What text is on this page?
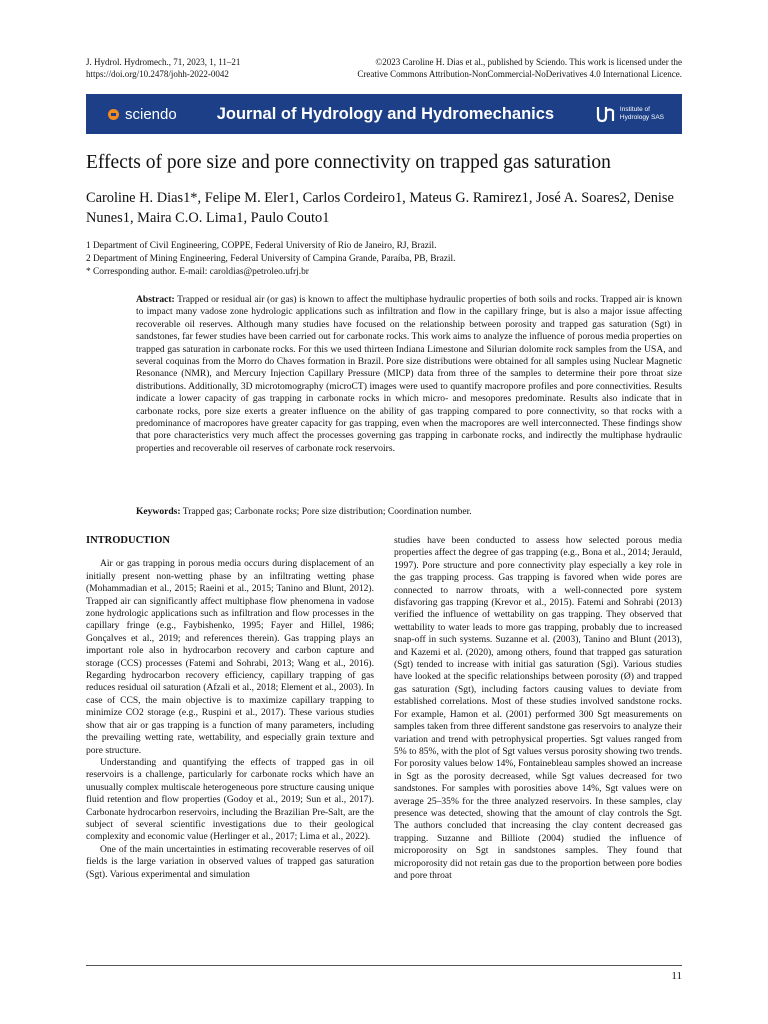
J. Hydrol. Hydromech., 71, 2023, 1, 11–21
https://doi.org/10.2478/johh-2022-0042
©2023 Caroline H. Dias et al., published by Sciendo. This work is licensed under the
Creative Commons Attribution-NonCommercial-NoDerivatives 4.0 International Licence.
sciendo Journal of Hydrology and Hydromechanics	Institute of
Hydrology SAS
Effects of pore size and pore connectivity on trapped gas saturation
Caroline H. Dias1*, Felipe M. Eler1, Carlos Cordeiro1, Mateus G. Ramirez1, José A. Soares2, Denise
Nunes1, Maira C.O. Lima1, Paulo Couto1
1 Department of Civil Engineering, COPPE, Federal University of Rio de Janeiro, RJ, Brazil.
2 Department of Mining Engineering, Federal University of Campina Grande, Paraíba, PB, Brazil.
* Corresponding author. E-mail: caroldias@petroleo.ufrj.br
Abstract: Trapped or residual air (or gas) is known to affect the multiphase hydraulic properties of both soils and rocks. Trapped air is known to impact many vadose zone hydrologic applications such as infiltration and flow in the capillary fringe, but is also a major issue affecting recoverable oil reserves. Although many studies have focused on the relationship between porosity and trapped gas saturation (Sgt) in sandstones, far fewer studies have been carried out for carbonate rocks. This work aims to analyze the influence of porous media properties on trapped gas saturation in carbonate rocks. For this we used thirteen Indiana Limestone and Silurian dolomite rock samples from the USA, and several coquinas from the Morro do Chaves formation in Brazil. Pore size distributions were obtained for all samples using Nuclear Magnetic Resonance (NMR), and Mercury Injection Capillary Pressure (MICP) data from three of the samples to determine their pore throat size distributions. Additionally, 3D microtomography (microCT) images were used to quantify macropore profiles and pore connectivities. Results indicate a lower capacity of gas trapping in carbonate rocks in which micro- and mesopores predominate. Results also indicate that in carbonate rocks, pore size exerts a greater influence on the ability of gas trapping compared to pore connectivity, so that rocks with a predominance of macropores have greater capacity for gas trapping, even when the macropores are well interconnected. These findings show that pore characteristics very much affect the processes governing gas trapping in carbonate rocks, and indirectly the multiphase hydraulic properties and recoverable oil reserves of carbonate rock reservoirs.
Keywords: Trapped gas; Carbonate rocks; Pore size distribution; Coordination number.
INTRODUCTION

Air or gas trapping in porous media occurs during displacement of an initially present non-wetting phase by an infiltrating wetting phase (Mohammadian et al., 2015; Raeini et al., 2015; Tanino and Blunt, 2012). Trapped air can significantly affect multiphase flow phenomena in vadose zone hydrologic applications such as infiltration and flow processes in the capillary fringe (e.g., Faybishenko, 1995; Fayer and Hillel, 1986; Gonçalves et al., 2019; and references therein). Gas trapping plays an important role also in hydrocarbon recovery and carbon capture and storage (CCS) processes (Fatemi and Sohrabi, 2013; Wang et al., 2016). Regarding hydrocarbon recovery efficiency, capillary trapping of gas reduces residual oil saturation (Afzali et al., 2018; Element et al., 2003). In case of CCS, the main objective is to maximize capillary trapping to minimize CO2 storage (e.g., Ruspini et al., 2017). These various studies show that air or gas trapping is a function of many parameters, including the prevailing wetting rate, wettability, and especially grain texture and pore structure.

Understanding and quantifying the effects of trapped gas in oil reservoirs is a challenge, particularly for carbonate rocks which have an unusually complex multiscale heterogeneous pore structure causing unique fluid retention and flow properties (Godoy et al., 2019; Sun et al., 2017). Carbonate hydrocarbon reservoirs, including the Brazilian Pre-Salt, are the subject of several scientific investigations due to their geological complexity and economic value (Herlinger et al., 2017; Lima et al., 2022).

One of the main uncertainties in estimating recoverable reserves of oil fields is the large variation in observed values of trapped gas saturation (Sgt). Various experimental and simulation

studies have been conducted to assess how selected porous media properties affect the degree of gas trapping (e.g., Bona et al., 2014; Jerauld, 1997). Pore structure and pore connectivity play especially a key role in the gas trapping process. Gas trapping is favored when wide pores are connected to narrow throats, with a well-connected pore system disfavoring gas trapping (Krevor et al., 2015). Fatemi and Sohrabi (2013) verified the influence of wettability on gas trapping. They observed that wettability to water leads to more gas trapping, probably due to increased snap-off in such systems. Suzanne et al. (2003), Tanino and Blunt (2013), and Kazemi et al. (2020), among others, found that trapped gas saturation (Sgt) tended to increase with initial gas saturation (Sgi). Various studies have looked at the specific relationships between porosity (Ø) and trapped gas saturation (Sgt), including factors causing values to deviate from established correlations. Most of these studies involved sandstone rocks. For example, Hamon et al. (2001) performed 300 Sgt measurements on samples taken from three different sandstone gas reservoirs to analyze their variation and trend with petrophysical properties. Sgt values ranged from 5% to 85%, with the plot of Sgt values versus porosity showing two trends. For porosity values below 14%, Fontainebleau samples showed an increase in Sgt as the porosity decreased, while Sgt values decreased for two sandstones. For samples with porosities above 14%, Sgt values were on average 25–35% for the three analyzed reservoirs. In these samples, clay presence was detected, showing that the amount of clay controls the Sgt. The authors concluded that increasing the clay content decreased gas trapping. Suzanne and Billiote (2004) studied the influence of microporosity on Sgt in sandstones samples. They found that microporosity did not retain gas due to the proportion between pore bodies and pore throat

11
